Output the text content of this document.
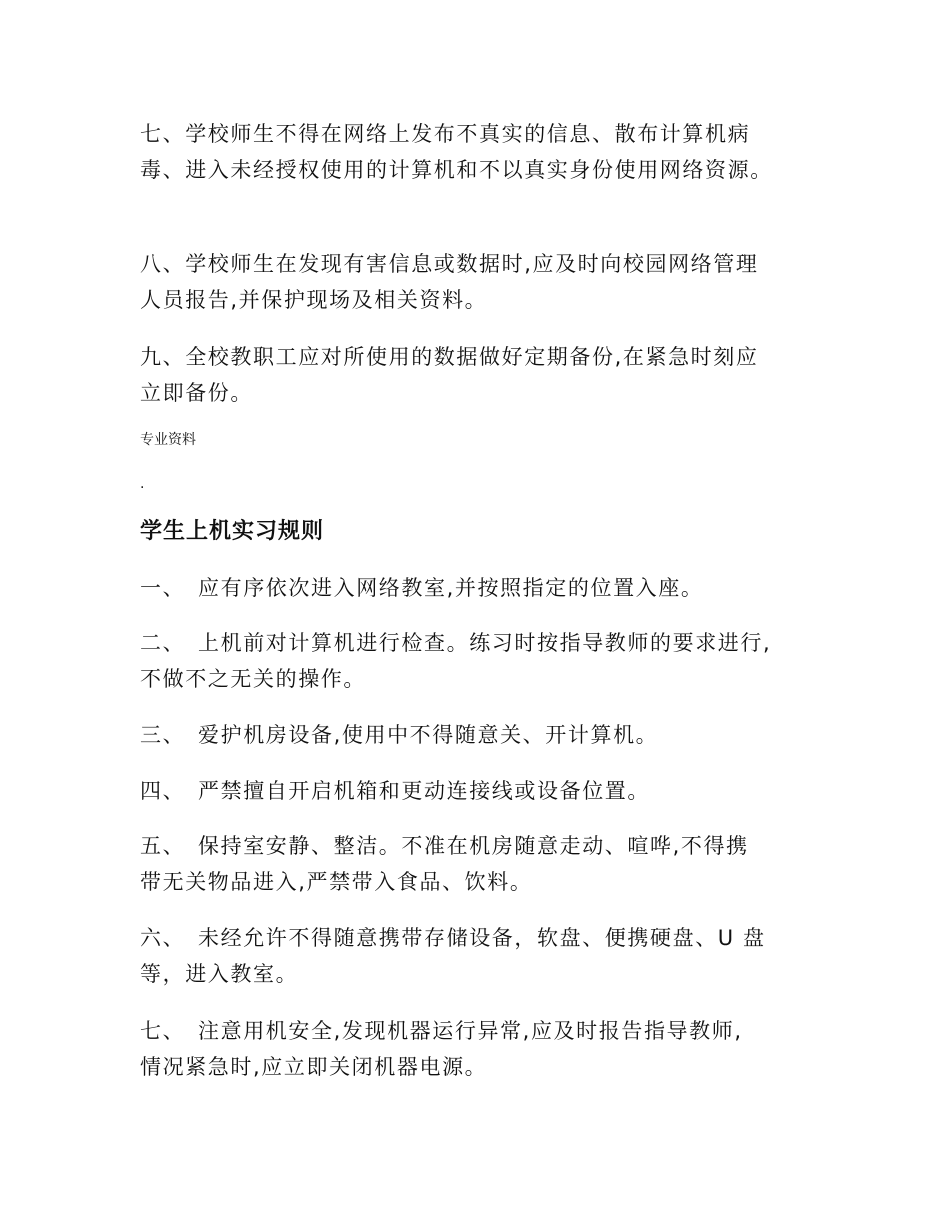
七、学校师生不得在网络上发布不真实的信息、散布计算机病

毒、进入未经授权使用的计算机和不以真实身份使用网络资源。

八、学校师生在发现有害信息或数据时,应及时向校园网络管理

人员报告,并保护现场及相关资料。

九、全校教职工应对所使用的数据做好定期备份,在紧急时刻应

立即备份。

专业资料

.

学生上机实习规则

一、 应有序依次进入网络教室,并按照指定的位置入座。

二、 上机前对计算机进行检查。练习时按指导教师的要求进行,

不做不之无关的操作。

三、 爱护机房设备,使用中不得随意关、开计算机。

四、 严禁擅自开启机箱和更动连接线或设备位置。

五、 保持室安静、整洁。不准在机房随意走动、喧哗,不得携

带无关物品进入,严禁带入食品、饮料。

六、 未经允许不得随意携带存储设备，软盘、便携硬盘、U 盘

等，进入教室。

七、 注意用机安全,发现机器运行异常,应及时报告指导教师,

情况紧急时,应立即关闭机器电源。
